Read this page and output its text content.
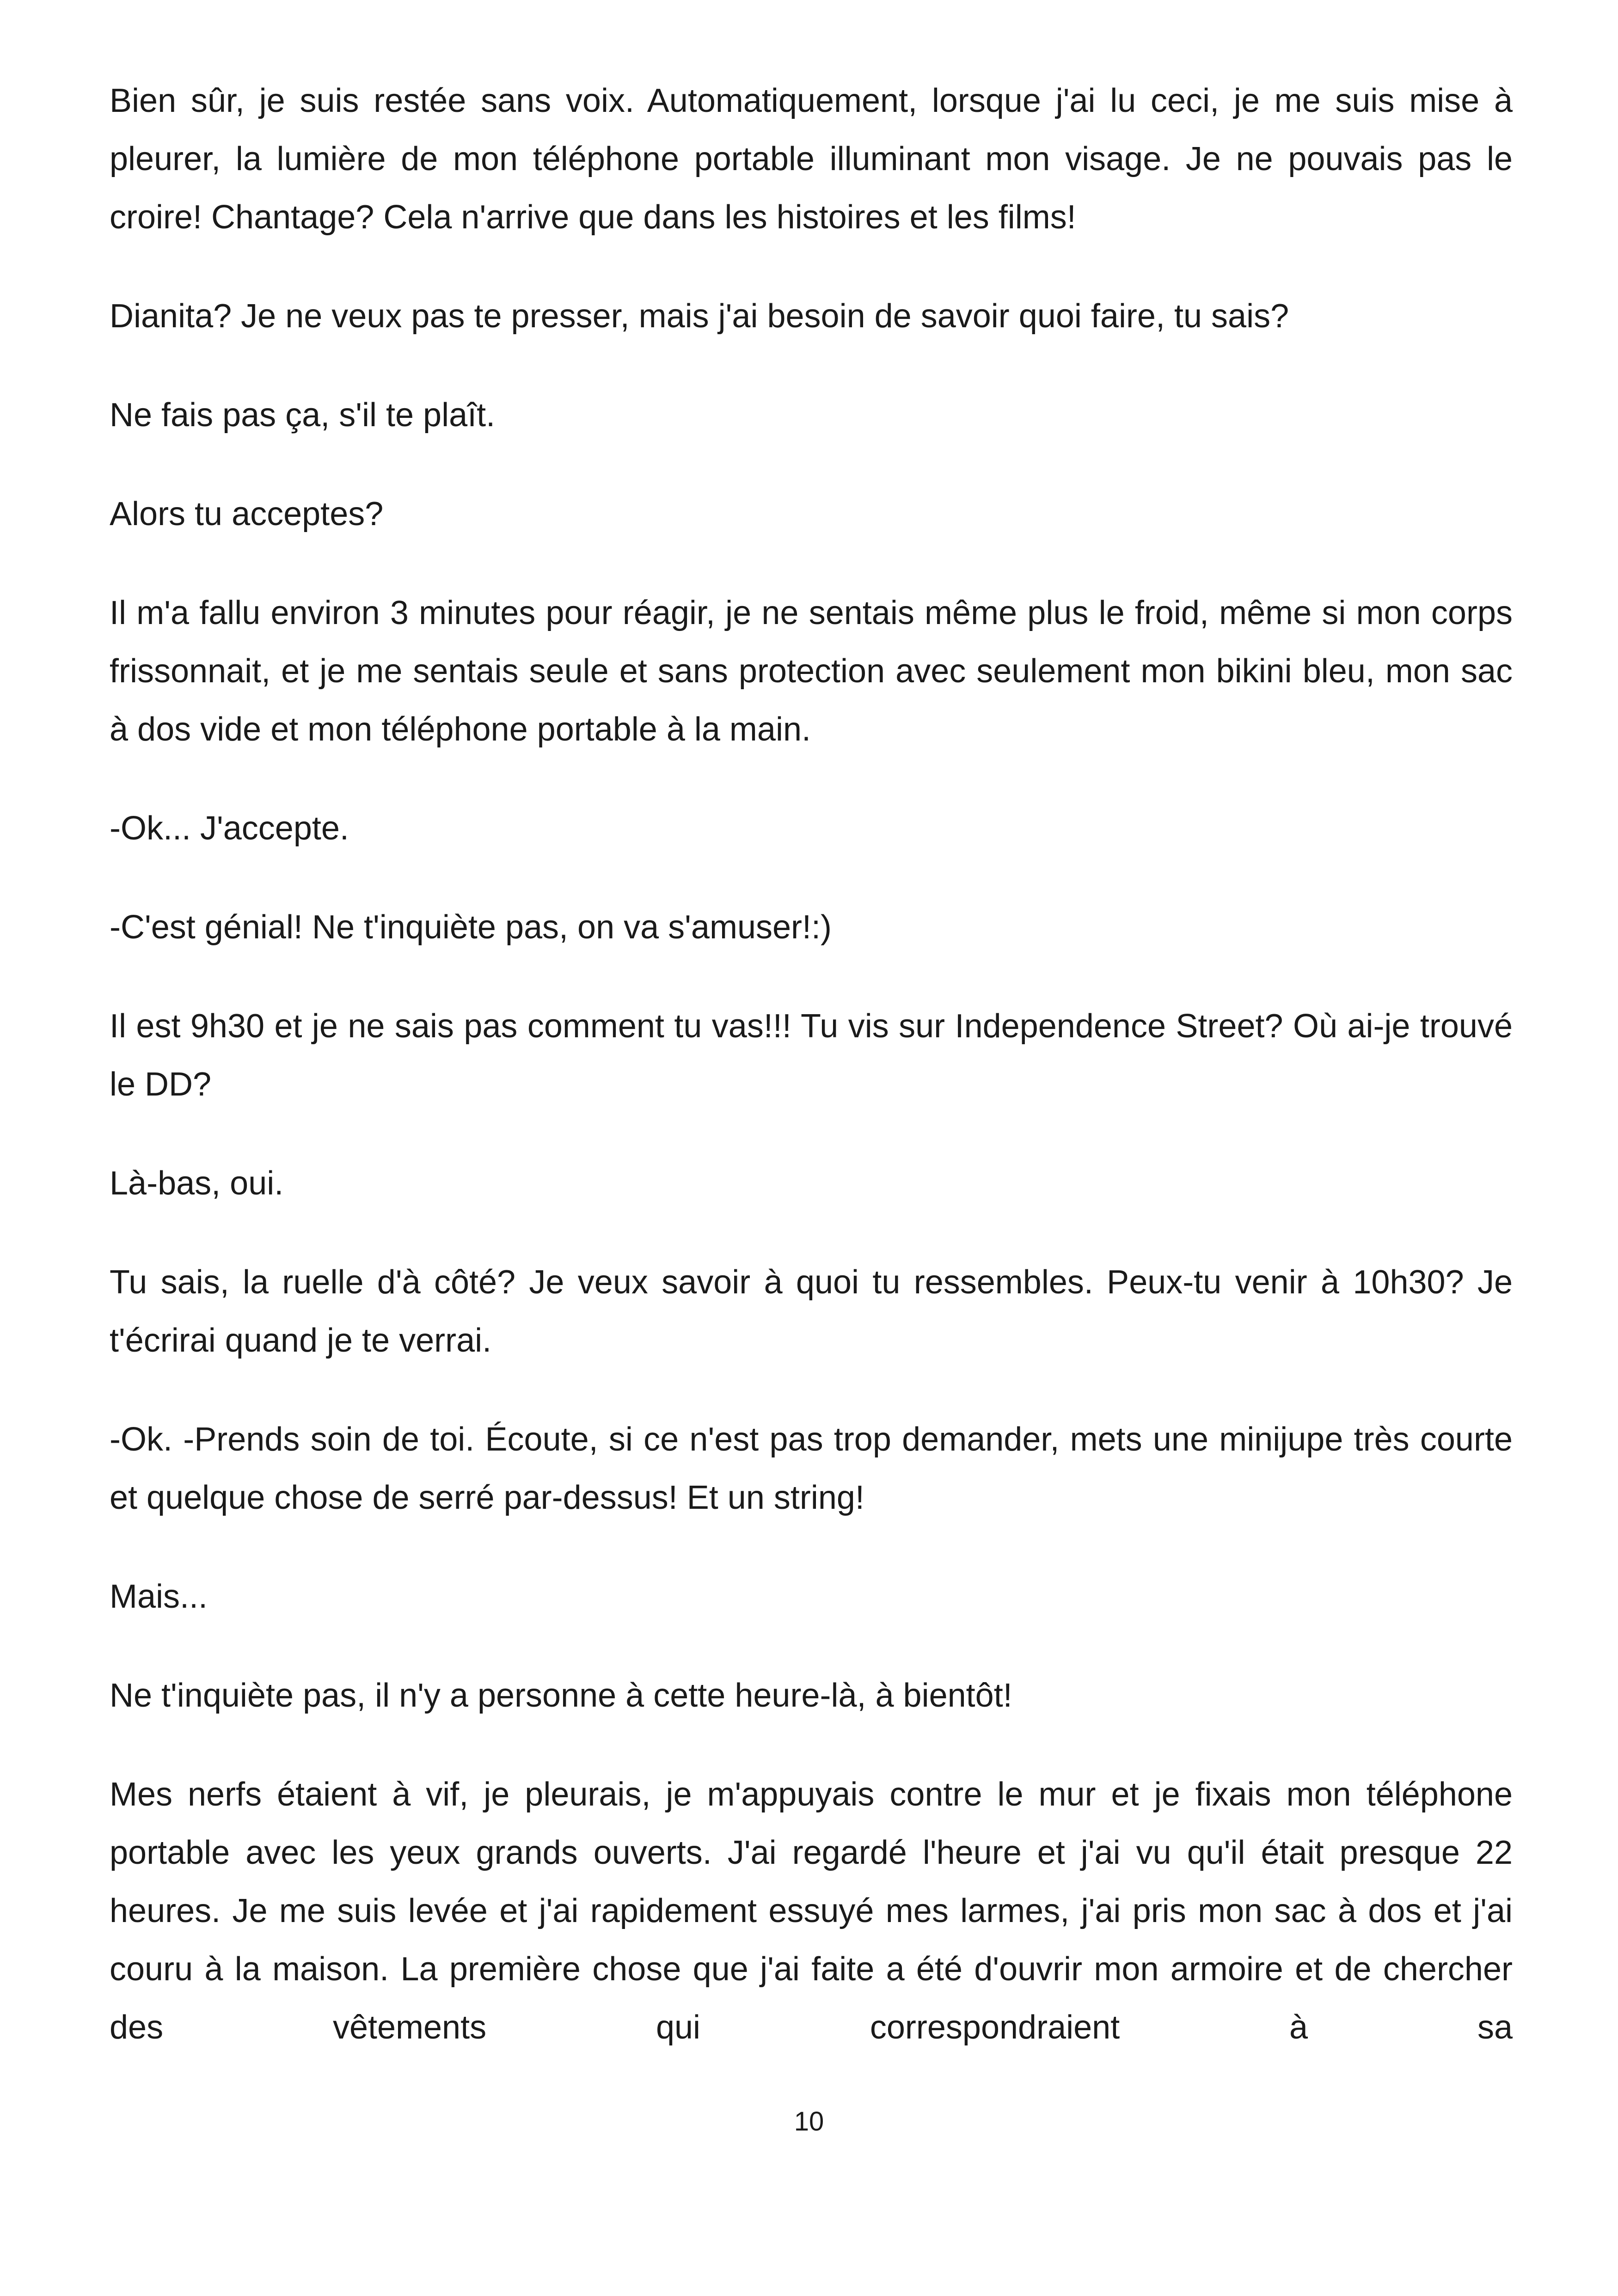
Bien sûr, je suis restée sans voix. Automatiquement, lorsque j'ai lu ceci, je me suis mise à pleurer, la lumière de mon téléphone portable illuminant mon visage. Je ne pouvais pas le croire! Chantage? Cela n'arrive que dans les histoires et les films!

Dianita? Je ne veux pas te presser, mais j'ai besoin de savoir quoi faire, tu sais?

Ne fais pas ça, s'il te plaît.

Alors tu acceptes?

Il m'a fallu environ 3 minutes pour réagir, je ne sentais même plus le froid, même si mon corps frissonnait, et je me sentais seule et sans protection avec seulement mon bikini bleu, mon sac à dos vide et mon téléphone portable à la main.

-Ok... J'accepte.

-C'est génial! Ne t'inquiète pas, on va s'amuser!:)

Il est 9h30 et je ne sais pas comment tu vas!!! Tu vis sur Independence Street? Où ai-je trouvé le DD?

Là-bas, oui.

Tu sais, la ruelle d'à côté? Je veux savoir à quoi tu ressembles. Peux-tu venir à 10h30? Je t'écrirai quand je te verrai.

-Ok. -Prends soin de toi. Écoute, si ce n'est pas trop demander, mets une minijupe très courte et quelque chose de serré par-dessus! Et un string!

Mais...

Ne t'inquiète pas, il n'y a personne à cette heure-là, à bientôt!

Mes nerfs étaient à vif, je pleurais, je m'appuyais contre le mur et je fixais mon téléphone portable avec les yeux grands ouverts. J'ai regardé l'heure et j'ai vu qu'il était presque 22 heures. Je me suis levée et j'ai rapidement essuyé mes larmes, j'ai pris mon sac à dos et j'ai couru à la maison. La première chose que j'ai faite a été d'ouvrir mon armoire et de chercher des vêtements qui correspondraient à sa

10
